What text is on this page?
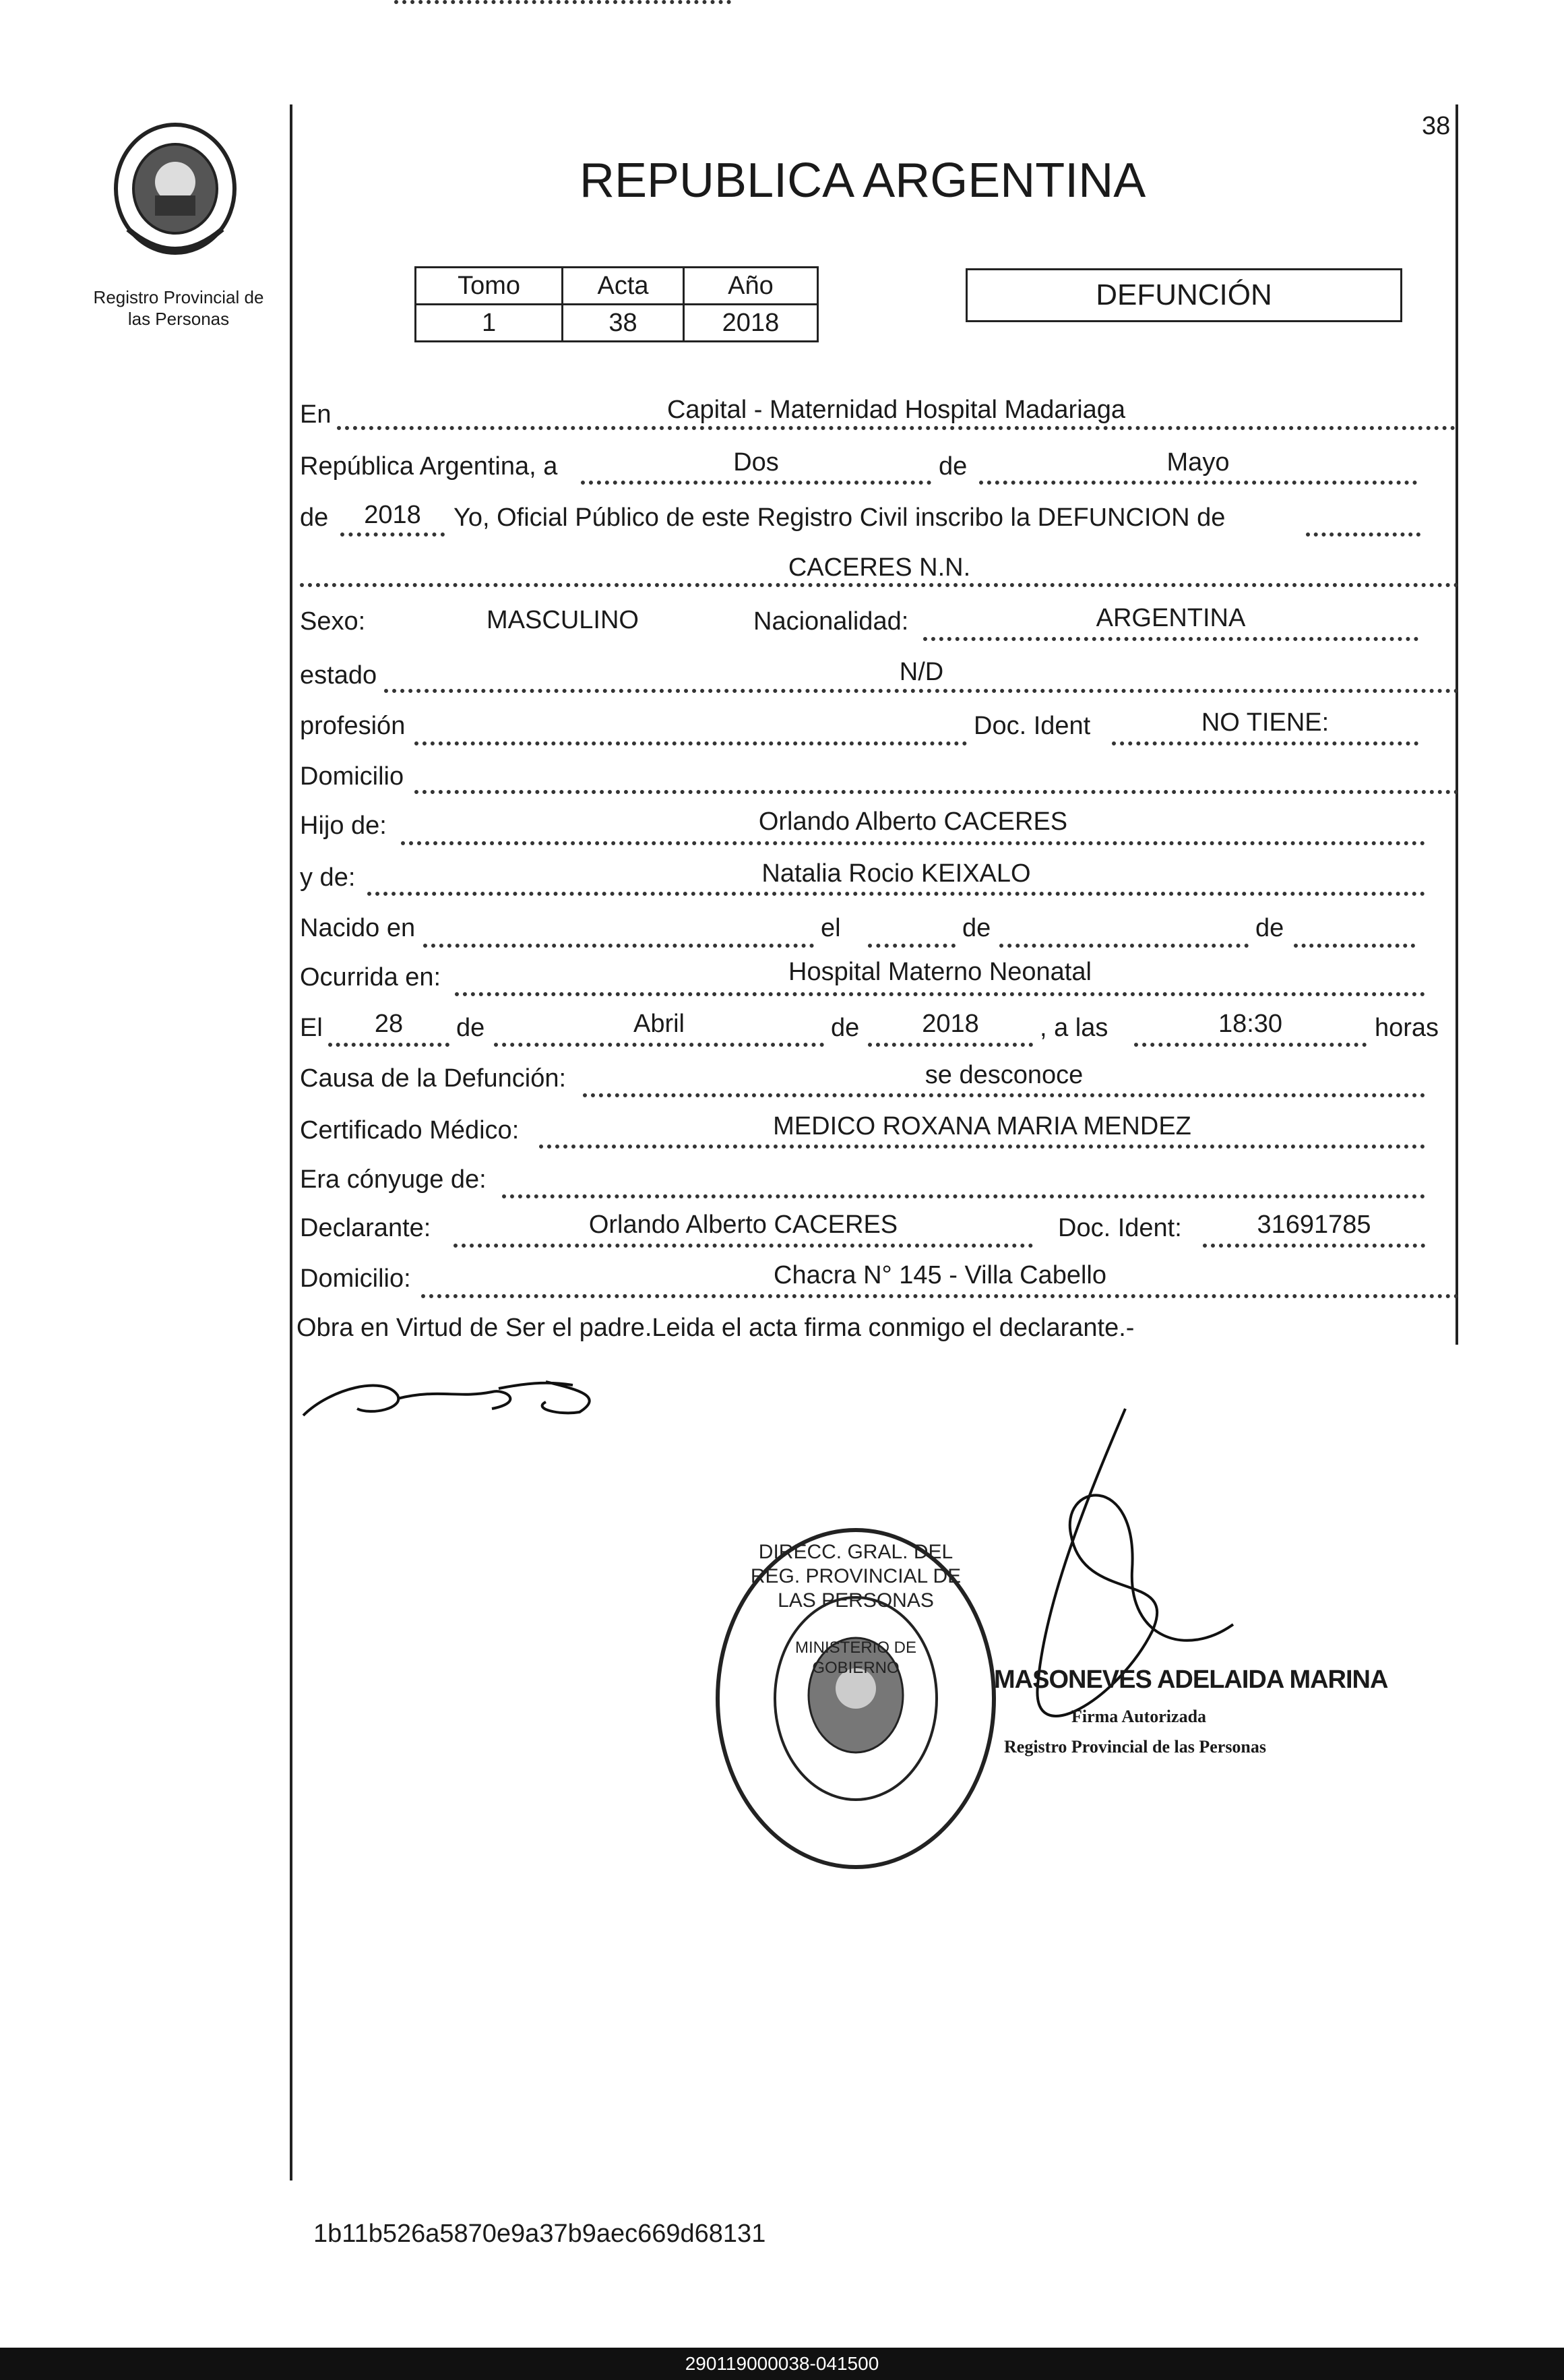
Registro Provincial de las Personas
38
REPUBLICA ARGENTINA
Tomo	Acta	Año
1	38	2018
DEFUNCIÓN
En	Capital - Maternidad Hospital Madariaga
República Argentina, a	Dos	de	Mayo
de	2018	Yo, Oficial Público de este Registro Civil inscribo la DEFUNCION de
CACERES N.N.
Sexo:	MASCULINO	Nacionalidad:	ARGENTINA
estado	N/D
profesión	Doc. Ident	NO TIENE:
Domicilio
Hijo de:	Orlando Alberto CACERES
y de:	Natalia Rocio KEIXALO
Nacido en	el	de	de
Ocurrida en:	Hospital Materno Neonatal
El	28	de	Abril	de	2018	, a las	18:30	horas
Causa de la Defunción:	se desconoce
Certificado Médico:	MEDICO ROXANA MARIA MENDEZ
Era cónyuge de:
Declarante:	Orlando Alberto CACERES	Doc. Ident:	31691785
Domicilio:	Chacra N° 145 - Villa Cabello
Obra en Virtud de Ser el padre.Leida el acta firma conmigo el declarante.-
DIRECC. GRAL. DEL REG. PROVINCIAL DE LAS PERSONAS
MINISTERIO DE GOBIERNO	MASONEVES ADELAIDA MARINA
Firma Autorizada
Registro Provincial de las Personas
1b11b526a5870e9a37b9aec669d68131
290119000038-041500
